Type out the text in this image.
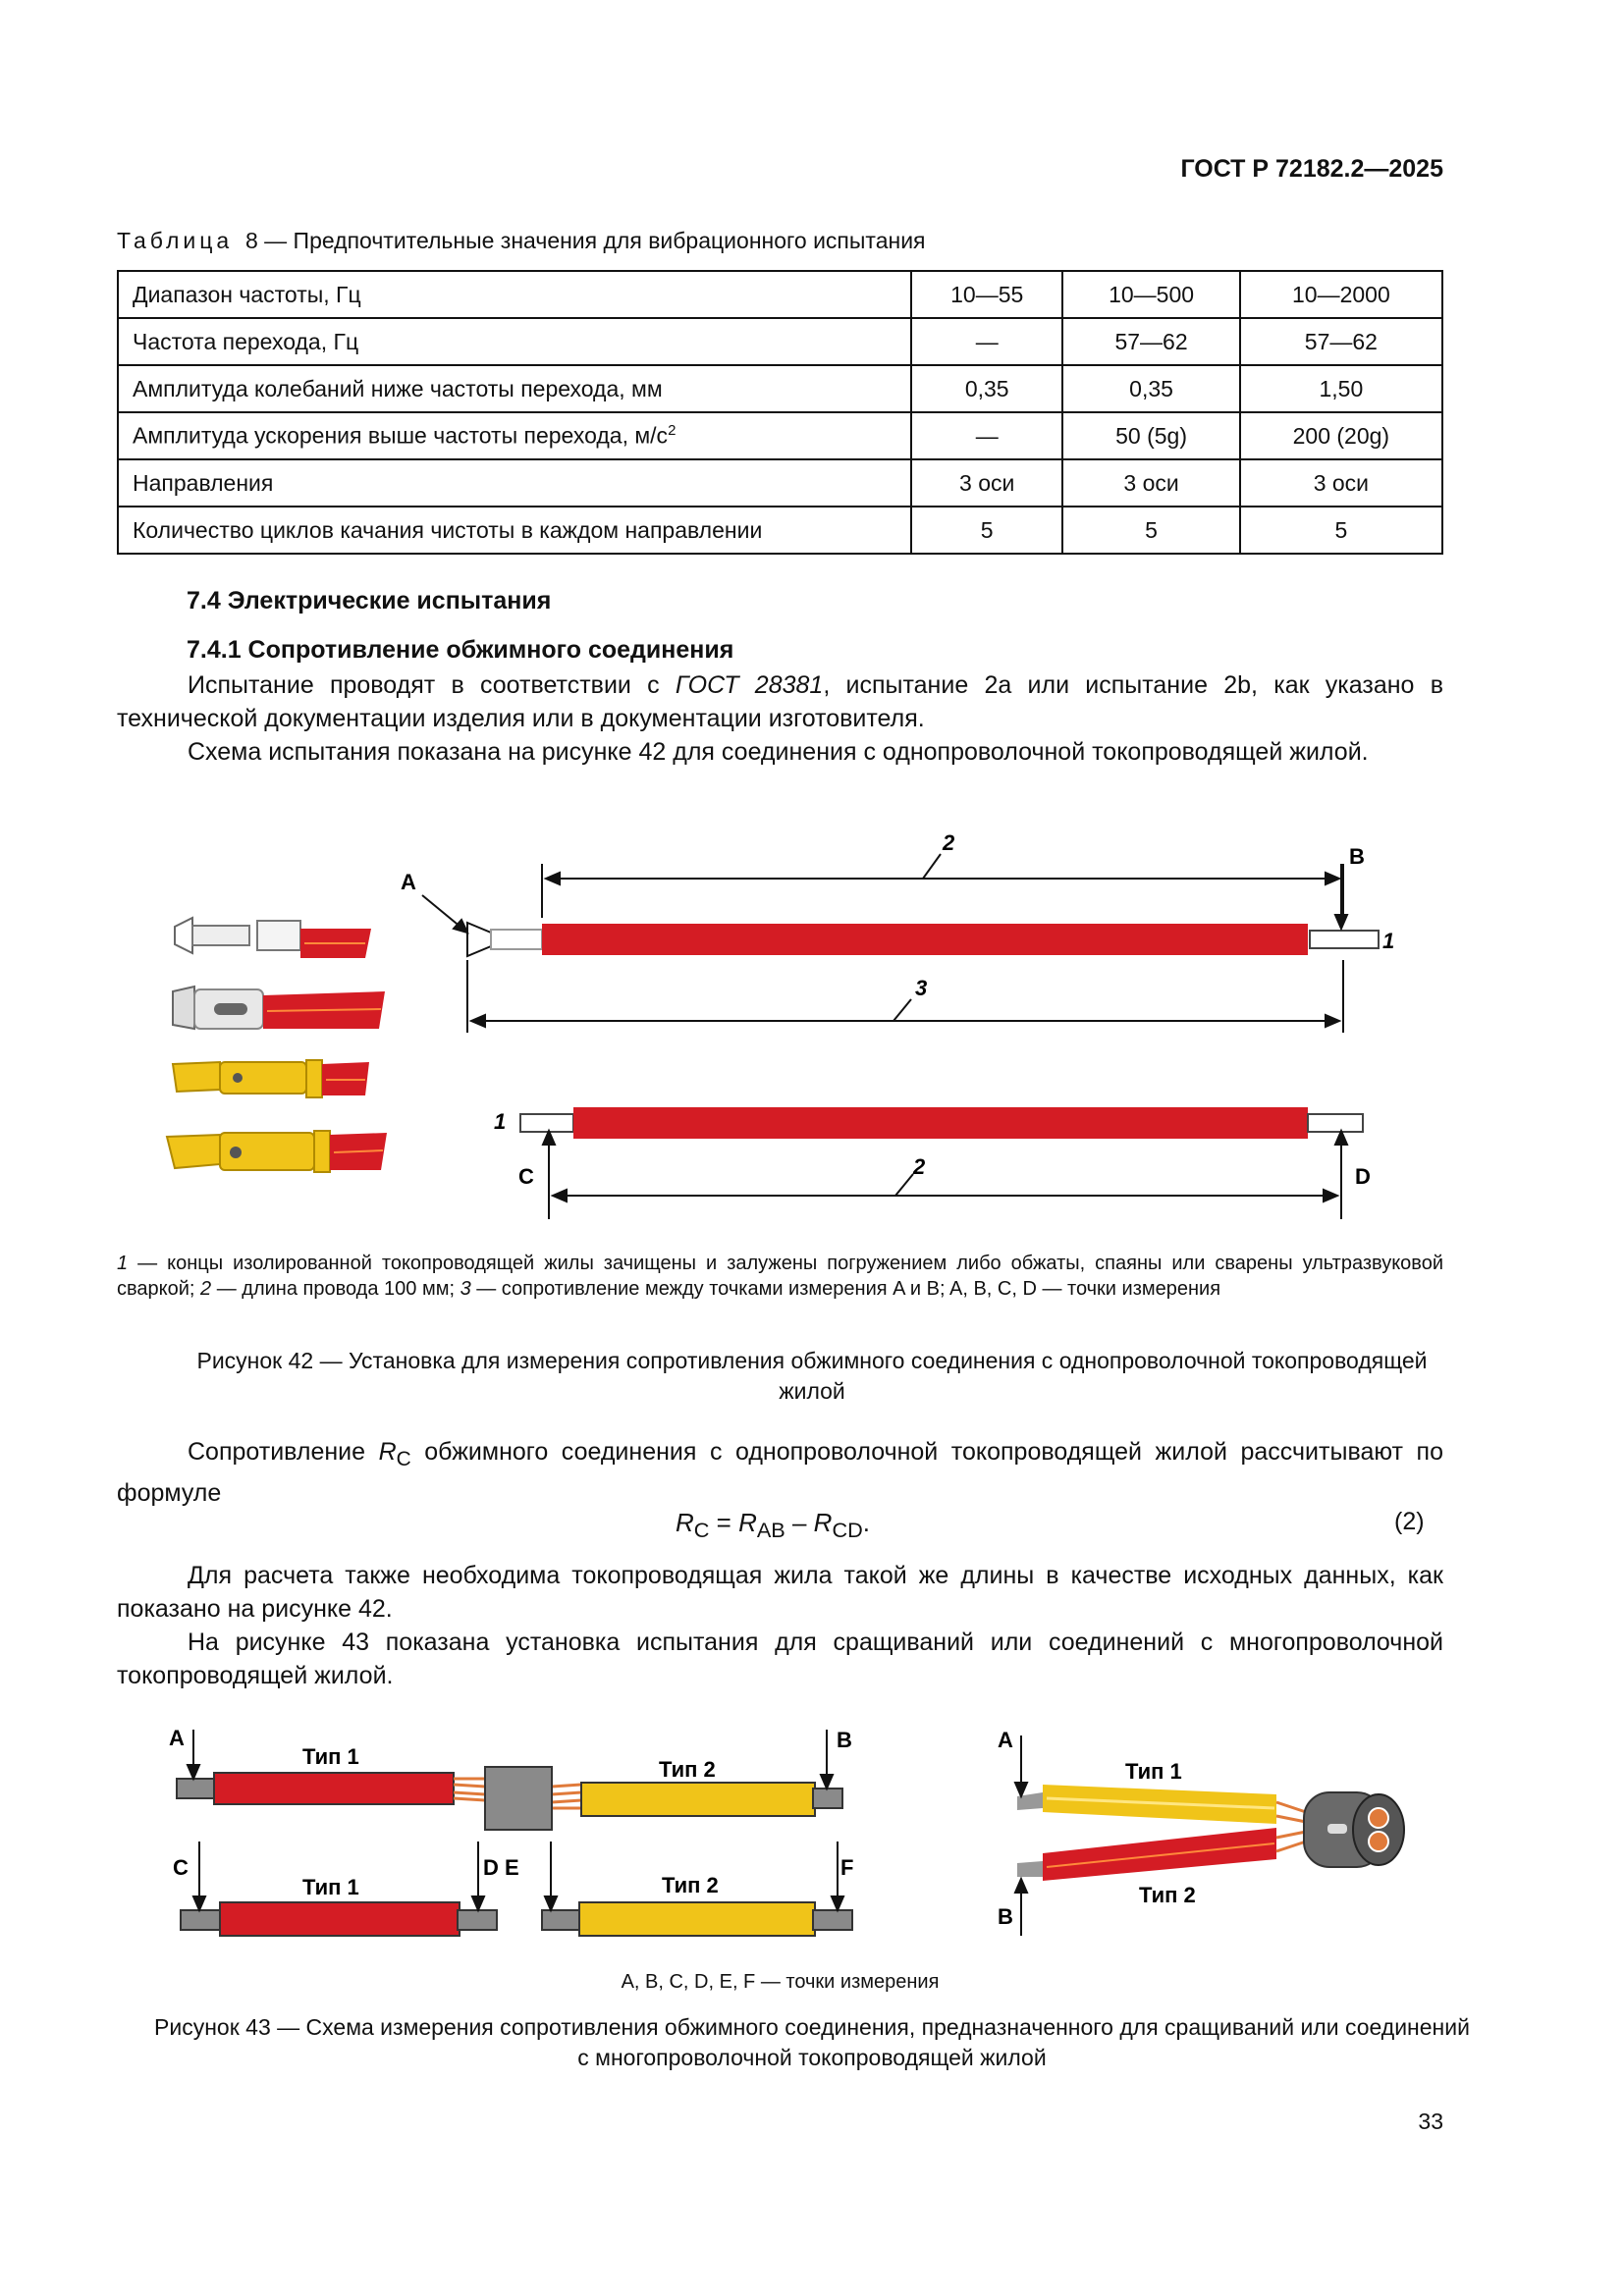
ГОСТ Р 72182.2—2025
Таблица 8 — Предпочтительные значения для вибрационного испытания
Диапазон частоты, Гц	10—55	10—500	10—2000
Частота перехода, Гц	—	57—62	57—62
Амплитуда колебаний ниже частоты перехода, мм	0,35	0,35	1,50
Амплитуда ускорения выше частоты перехода, $м/с^2$	—	50 (5g)	200 (20g)
Направления	3 оси	3 оси	3 оси
Количество циклов качания чистоты в каждом направлении	5	5	5
7.4 Электрические испытания
7.4.1 Сопротивление обжимного соединения
Испытание проводят в соответствии с ГОСТ 28381, испытание 2а или испытание 2b, как указано в технической документации изделия или в документации изготовителя.
Схема испытания показана на рисунке 42 для соединения с однопроволочной токопроводящей жилой.
A
B
1
2
3
1
C	D
2
1 — концы изолированной токопроводящей жилы зачищены и залужены погружением либо обжаты, спаяны или сварены ультразвуковой сваркой; 2 — длина провода 100 мм; 3 — сопротивление между точками измерения A и B; A, B, C, D — точки измерения
Рисунок 42 — Установка для измерения сопротивления обжимного соединения с однопроволочной токопроводящей жилой
Сопротивление $R_C$ обжимного соединения с однопроволочной токопроводящей жилой рассчитывают по формуле
$R_C = R_{AB} - R_{CD}$.	(2)
Для расчета также необходима токопроводящая жила такой же длины в качестве исходных данных, как показано на рисунке 42.
На рисунке 43 показана установка испытания для сращиваний или соединений с многопроволочной токопроводящей жилой.
A	B
C	D E	F
Тип 1
Тип 2
Тип 1	Тип 2
A
B
Тип 1
Тип 2
A, B, C, D, E, F — точки измерения
Рисунок 43 — Схема измерения сопротивления обжимного соединения, предназначенного для сращиваний или соединений с многопроволочной токопроводящей жилой
33
